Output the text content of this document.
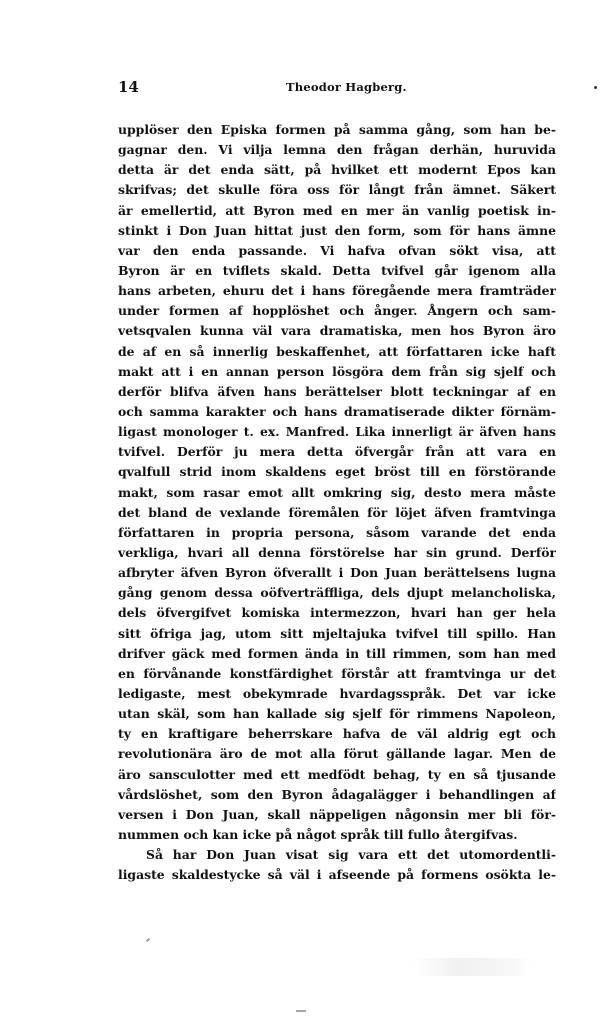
14	Theodor Hagberg.
upplöser den Episka formen på samma gång, som han be-
gagnar den. Vi vilja lemna den frågan derhän, huruvida
detta är det enda sätt, på hvilket ett modernt Epos kan
skrifvas; det skulle föra oss för långt från ämnet. Säkert
är emellertid, att Byron med en mer än vanlig poetisk in-
stinkt i Don Juan hittat just den form, som för hans ämne
var den enda passande. Vi hafva ofvan sökt visa, att
Byron är en tviflets skald. Detta tvifvel går igenom alla
hans arbeten, ehuru det i hans föregående mera framträder
under formen af hopplöshet och ånger. Ångern och sam-
vetsqvalen kunna väl vara dramatiska, men hos Byron äro
de af en så innerlig beskaffenhet, att författaren icke haft
makt att i en annan person lösgöra dem från sig sjelf och
derför blifva äfven hans berättelser blott teckningar af en
och samma karakter och hans dramatiserade dikter förnäm-
ligast monologer t. ex. Manfred. Lika innerligt är äfven hans
tvifvel. Derför ju mera detta öfvergår från att vara en
qvalfull strid inom skaldens eget bröst till en förstörande
makt, som rasar emot allt omkring sig, desto mera måste
det bland de vexlande föremålen för löjet äfven framtvinga
författaren in propria persona, såsom varande det enda
verkliga, hvari all denna förstörelse har sin grund. Derför
afbryter äfven Byron öfverallt i Don Juan berättelsens lugna
gång genom dessa oöfverträffliga, dels djupt melancholiska,
dels öfvergifvet komiska intermezzon, hvari han ger hela
sitt öfriga jag, utom sitt mjeltajuka tvifvel till spillo. Han
drifver gäck med formen ända in till rimmen, som han med
en förvånande konstfärdighet förstår att framtvinga ur det
ledigaste, mest obekymrade hvardagsspråk. Det var icke
utan skäl, som han kallade sig sjelf för rimmens Napoleon,
ty en kraftigare beherrskare hafva de väl aldrig egt och
revolutionära äro de mot alla förut gällande lagar. Men de
äro sansculotter med ett medfödt behag, ty en så tjusande
vårdslöshet, som den Byron ådagalägger i behandlingen af
versen i Don Juan, skall näppeligen någonsin mer bli för-
nummen och kan icke på något språk till fullo återgifvas.
Så har Don Juan visat sig vara ett det utomordentli-
ligaste skaldestycke så väl i afseende på formens osökta le-
